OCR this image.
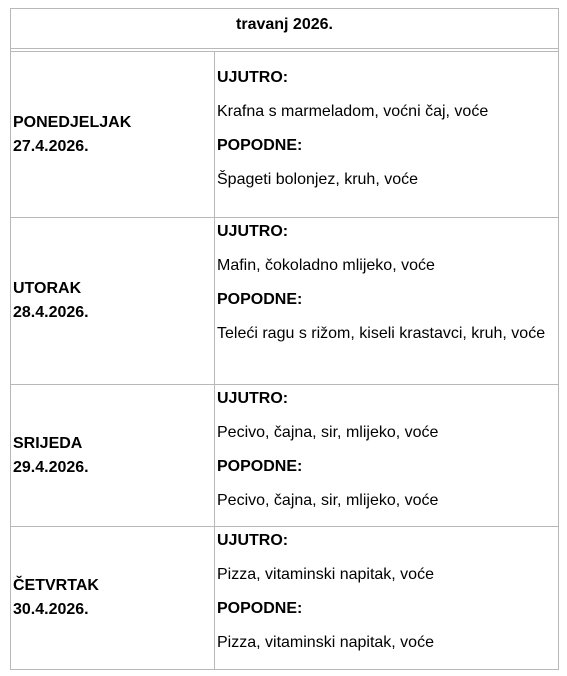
travanj 2026.
PONEDJELJAK
27.4.2026.
UJUTRO:
Krafna s marmeladom, voćni čaj, voće
POPODNE:
Špageti bolonjez, kruh, voće
UTORAK
28.4.2026.
UJUTRO:
Mafin, čokoladno mlijeko, voće
POPODNE:
Teleći ragu s rižom, kiseli krastavci, kruh, voće
SRIJEDA
29.4.2026.
UJUTRO:
Pecivo, čajna, sir, mlijeko, voće
POPODNE:
Pecivo, čajna, sir, mlijeko, voće
ČETVRTAK
30.4.2026.
UJUTRO:
Pizza, vitaminski napitak, voće
POPODNE:
Pizza, vitaminski napitak, voće
